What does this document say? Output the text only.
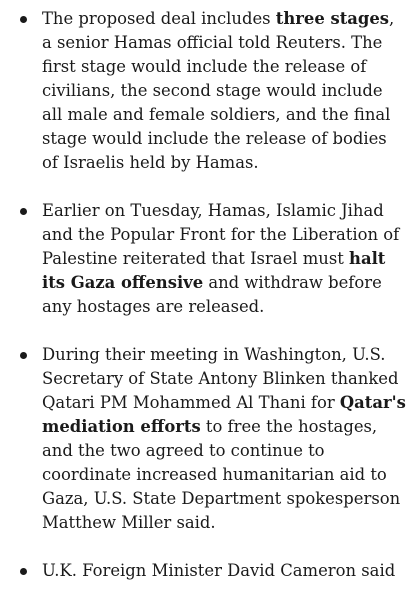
The proposed deal includes three stages, a senior Hamas official told Reuters. The first stage would include the release of civilians, the second stage would include all male and female soldiers, and the final stage would include the release of bodies of Israelis held by Hamas.
Earlier on Tuesday, Hamas, Islamic Jihad and the Popular Front for the Liberation of Palestine reiterated that Israel must halt its Gaza offensive and withdraw before any hostages are released.
During their meeting in Washington, U.S. Secretary of State Antony Blinken thanked Qatari PM Mohammed Al Thani for Qatar's mediation efforts to free the hostages, and the two agreed to continue to coordinate increased humanitarian aid to Gaza, U.S. State Department spokesperson Matthew Miller said.
U.K. Foreign Minister David Cameron said
